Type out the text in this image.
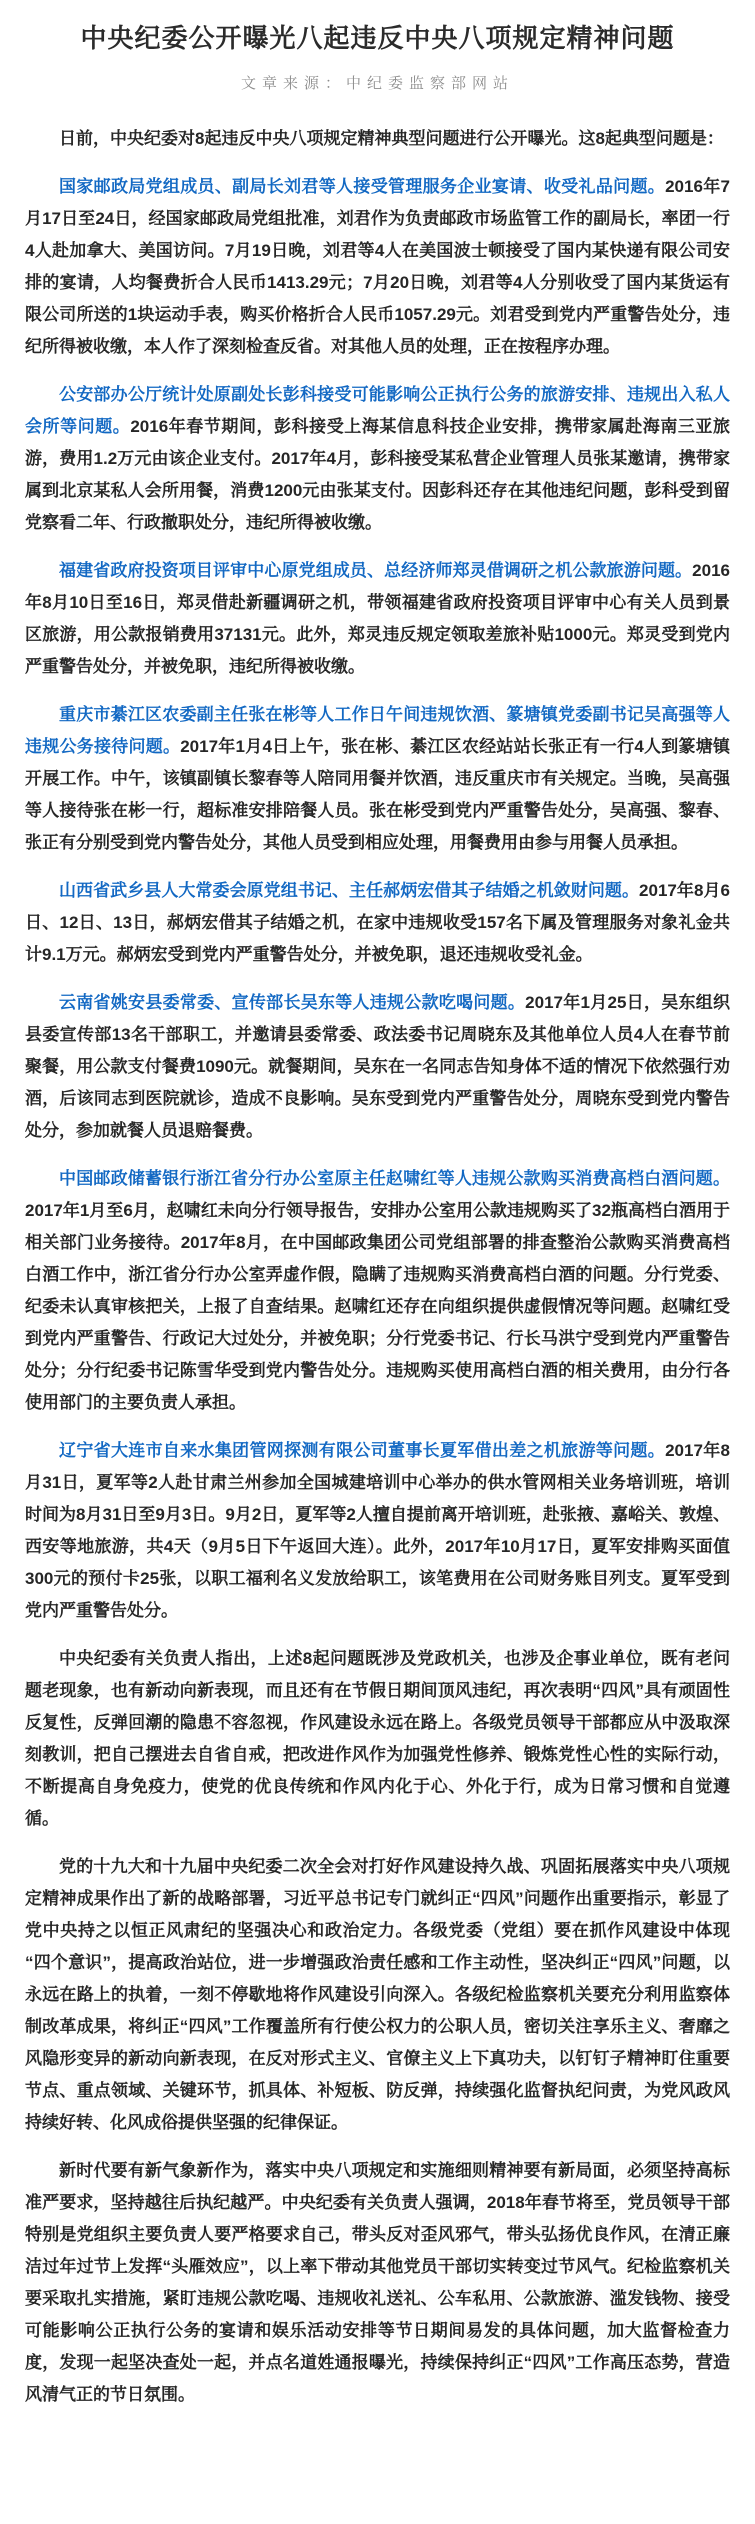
中央纪委公开曝光八起违反中央八项规定精神问题
文章来源：中纪委监察部网站

日前，中央纪委对8起违反中央八项规定精神典型问题进行公开曝光。这8起典型问题是：

国家邮政局党组成员、副局长刘君等人接受管理服务企业宴请、收受礼品问题。2016年7月17日至24日，经国家邮政局党组批准，刘君作为负责邮政市场监管工作的副局长，率团一行4人赴加拿大、美国访问。7月19日晚，刘君等4人在美国波士顿接受了国内某快递有限公司安排的宴请，人均餐费折合人民币1413.29元；7月20日晚，刘君等4人分别收受了国内某货运有限公司所送的1块运动手表，购买价格折合人民币1057.29元。刘君受到党内严重警告处分，违纪所得被收缴，本人作了深刻检查反省。对其他人员的处理，正在按程序办理。

公安部办公厅统计处原副处长彭科接受可能影响公正执行公务的旅游安排、违规出入私人会所等问题。2016年春节期间，彭科接受上海某信息科技企业安排，携带家属赴海南三亚旅游，费用1.2万元由该企业支付。2017年4月，彭科接受某私营企业管理人员张某邀请，携带家属到北京某私人会所用餐，消费1200元由张某支付。因彭科还存在其他违纪问题，彭科受到留党察看二年、行政撤职处分，违纪所得被收缴。

福建省政府投资项目评审中心原党组成员、总经济师郑灵借调研之机公款旅游问题。2016年8月10日至16日，郑灵借赴新疆调研之机，带领福建省政府投资项目评审中心有关人员到景区旅游，用公款报销费用37131元。此外，郑灵违反规定领取差旅补贴1000元。郑灵受到党内严重警告处分，并被免职，违纪所得被收缴。

重庆市綦江区农委副主任张在彬等人工作日午间违规饮酒、篆塘镇党委副书记吴高强等人违规公务接待问题。2017年1月4日上午，张在彬、綦江区农经站站长张正有一行4人到篆塘镇开展工作。中午，该镇副镇长黎春等人陪同用餐并饮酒，违反重庆市有关规定。当晚，吴高强等人接待张在彬一行，超标准安排陪餐人员。张在彬受到党内严重警告处分，吴高强、黎春、张正有分别受到党内警告处分，其他人员受到相应处理，用餐费用由参与用餐人员承担。

山西省武乡县人大常委会原党组书记、主任郝炳宏借其子结婚之机敛财问题。2017年8月6日、12日、13日，郝炳宏借其子结婚之机，在家中违规收受157名下属及管理服务对象礼金共计9.1万元。郝炳宏受到党内严重警告处分，并被免职，退还违规收受礼金。

云南省姚安县委常委、宣传部长吴东等人违规公款吃喝问题。2017年1月25日，吴东组织县委宣传部13名干部职工，并邀请县委常委、政法委书记周晓东及其他单位人员4人在春节前聚餐，用公款支付餐费1090元。就餐期间，吴东在一名同志告知身体不适的情况下依然强行劝酒，后该同志到医院就诊，造成不良影响。吴东受到党内严重警告处分，周晓东受到党内警告处分，参加就餐人员退赔餐费。

中国邮政储蓄银行浙江省分行办公室原主任赵啸红等人违规公款购买消费高档白酒问题。2017年1月至6月，赵啸红未向分行领导报告，安排办公室用公款违规购买了32瓶高档白酒用于相关部门业务接待。2017年8月，在中国邮政集团公司党组部署的排查整治公款购买消费高档白酒工作中，浙江省分行办公室弄虚作假，隐瞒了违规购买消费高档白酒的问题。分行党委、纪委未认真审核把关，上报了自查结果。赵啸红还存在向组织提供虚假情况等问题。赵啸红受到党内严重警告、行政记大过处分，并被免职；分行党委书记、行长马洪宁受到党内严重警告处分；分行纪委书记陈雪华受到党内警告处分。违规购买使用高档白酒的相关费用，由分行各使用部门的主要负责人承担。

辽宁省大连市自来水集团管网探测有限公司董事长夏军借出差之机旅游等问题。2017年8月31日，夏军等2人赴甘肃兰州参加全国城建培训中心举办的供水管网相关业务培训班，培训时间为8月31日至9月3日。9月2日，夏军等2人擅自提前离开培训班，赴张掖、嘉峪关、敦煌、西安等地旅游，共4天（9月5日下午返回大连）。此外，2017年10月17日，夏军安排购买面值300元的预付卡25张，以职工福利名义发放给职工，该笔费用在公司财务账目列支。夏军受到党内严重警告处分。

中央纪委有关负责人指出，上述8起问题既涉及党政机关，也涉及企事业单位，既有老问题老现象，也有新动向新表现，而且还有在节假日期间顶风违纪，再次表明“四风”具有顽固性反复性，反弹回潮的隐患不容忽视，作风建设永远在路上。各级党员领导干部都应从中汲取深刻教训，把自己摆进去自省自戒，把改进作风作为加强党性修养、锻炼党性心性的实际行动，不断提高自身免疫力，使党的优良传统和作风内化于心、外化于行，成为日常习惯和自觉遵循。

党的十九大和十九届中央纪委二次全会对打好作风建设持久战、巩固拓展落实中央八项规定精神成果作出了新的战略部署，习近平总书记专门就纠正“四风”问题作出重要指示，彰显了党中央持之以恒正风肃纪的坚强决心和政治定力。各级党委（党组）要在抓作风建设中体现“四个意识”，提高政治站位，进一步增强政治责任感和工作主动性，坚决纠正“四风”问题，以永远在路上的执着，一刻不停歇地将作风建设引向深入。各级纪检监察机关要充分利用监察体制改革成果，将纠正“四风”工作覆盖所有行使公权力的公职人员，密切关注享乐主义、奢靡之风隐形变异的新动向新表现，在反对形式主义、官僚主义上下真功夫，以钉钉子精神盯住重要节点、重点领域、关键环节，抓具体、补短板、防反弹，持续强化监督执纪问责，为党风政风持续好转、化风成俗提供坚强的纪律保证。

新时代要有新气象新作为，落实中央八项规定和实施细则精神要有新局面，必须坚持高标准严要求，坚持越往后执纪越严。中央纪委有关负责人强调，2018年春节将至，党员领导干部特别是党组织主要负责人要严格要求自己，带头反对歪风邪气，带头弘扬优良作风，在清正廉洁过年过节上发挥“头雁效应”，以上率下带动其他党员干部切实转变过节风气。纪检监察机关要采取扎实措施，紧盯违规公款吃喝、违规收礼送礼、公车私用、公款旅游、滥发钱物、接受可能影响公正执行公务的宴请和娱乐活动安排等节日期间易发的具体问题，加大监督检查力度，发现一起坚决查处一起，并点名道姓通报曝光，持续保持纠正“四风”工作高压态势，营造风清气正的节日氛围。
